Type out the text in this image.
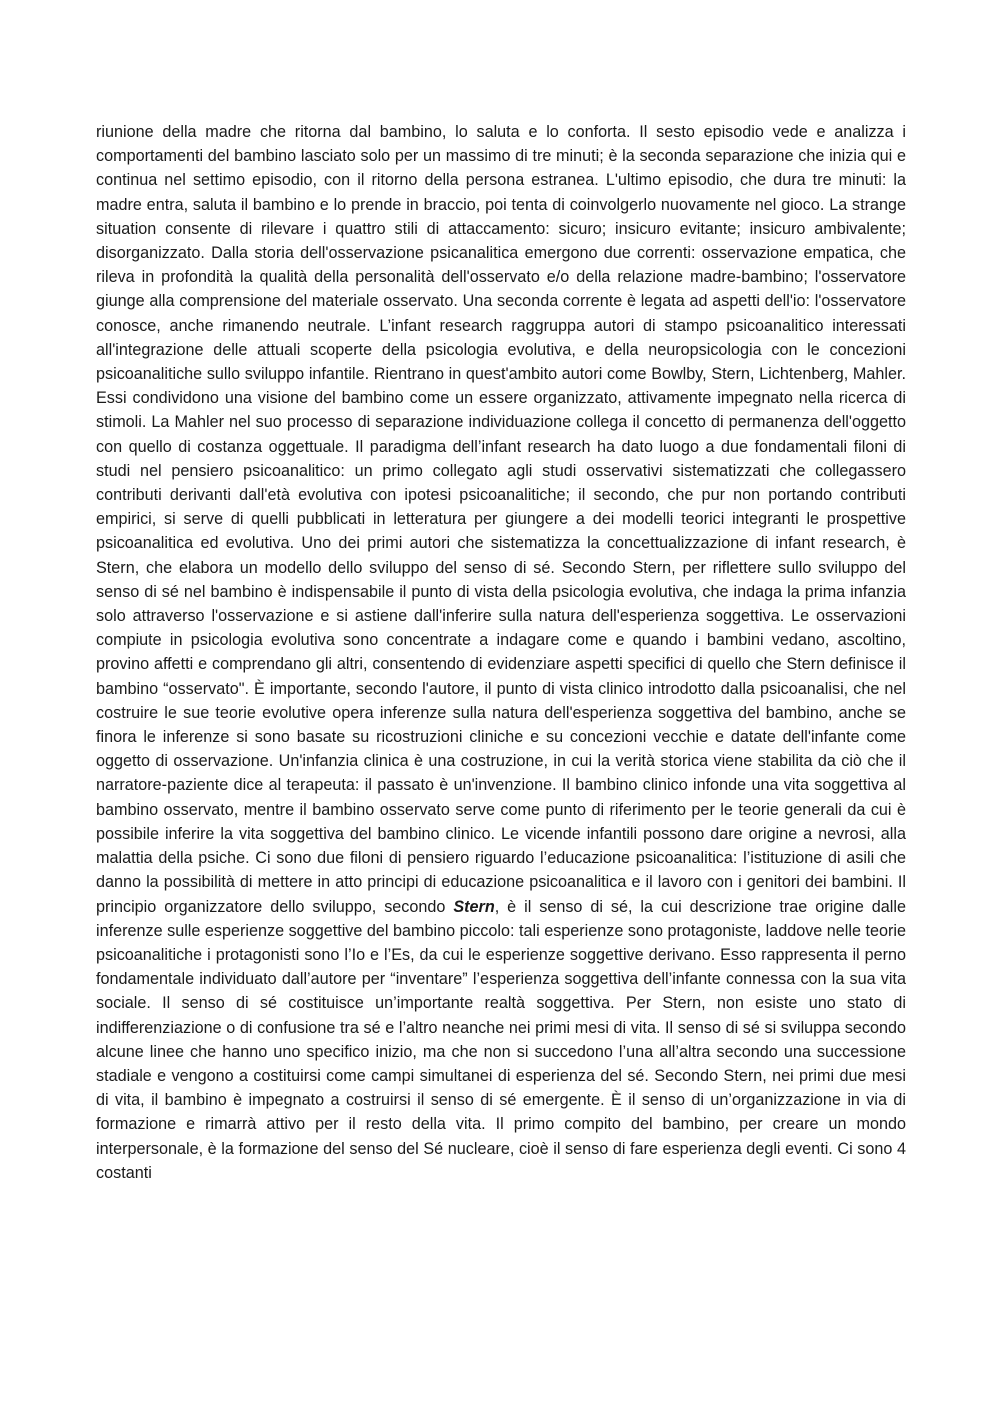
riunione della madre che ritorna dal bambino, lo saluta e lo conforta. Il sesto episodio vede e analizza i comportamenti del bambino lasciato solo per un massimo di tre minuti; è la seconda separazione che inizia qui e continua nel settimo episodio, con il ritorno della persona estranea. L'ultimo episodio, che dura tre minuti: la madre entra, saluta il bambino e lo prende in braccio, poi tenta di coinvolgerlo nuovamente nel gioco. La strange situation consente di rilevare i quattro stili di attaccamento: sicuro; insicuro evitante; insicuro ambivalente; disorganizzato. Dalla storia dell'osservazione psicanalitica emergono due correnti: osservazione empatica, che rileva in profondità la qualità della personalità dell'osservato e/o della relazione madre-bambino; l'osservatore giunge alla comprensione del materiale osservato. Una seconda corrente è legata ad aspetti dell'io: l'osservatore conosce, anche rimanendo neutrale. L’infant research raggruppa autori di stampo psicoanalitico interessati all'integrazione delle attuali scoperte della psicologia evolutiva, e della neuropsicologia con le concezioni psicoanalitiche sullo sviluppo infantile. Rientrano in quest'ambito autori come Bowlby, Stern, Lichtenberg, Mahler. Essi condividono una visione del bambino come un essere organizzato, attivamente impegnato nella ricerca di stimoli. La Mahler nel suo processo di separazione individuazione collega il concetto di permanenza dell'oggetto con quello di costanza oggettuale. Il paradigma dell’infant research ha dato luogo a due fondamentali filoni di studi nel pensiero psicoanalitico: un primo collegato agli studi osservativi sistematizzati che collegassero contributi derivanti dall'età evolutiva con ipotesi psicoanalitiche; il secondo, che pur non portando contributi empirici, si serve di quelli pubblicati in letteratura per giungere a dei modelli teorici integranti le prospettive psicoanalitica ed evolutiva. Uno dei primi autori che sistematizza la concettualizzazione di infant research, è Stern, che elabora un modello dello sviluppo del senso di sé. Secondo Stern, per riflettere sullo sviluppo del senso di sé nel bambino è indispensabile il punto di vista della psicologia evolutiva, che indaga la prima infanzia solo attraverso l'osservazione e si astiene dall'inferire sulla natura dell'esperienza soggettiva. Le osservazioni compiute in psicologia evolutiva sono concentrate a indagare come e quando i bambini vedano, ascoltino, provino affetti e comprendano gli altri, consentendo di evidenziare aspetti specifici di quello che Stern definisce il bambino “osservato". È importante, secondo l'autore, il punto di vista clinico introdotto dalla psicoanalisi, che nel costruire le sue teorie evolutive opera inferenze sulla natura dell'esperienza soggettiva del bambino, anche se finora le inferenze si sono basate su ricostruzioni cliniche e su concezioni vecchie e datate dell'infante come oggetto di osservazione. Un'infanzia clinica è una costruzione, in cui la verità storica viene stabilita da ciò che il narratore-paziente dice al terapeuta: il passato è un'invenzione. Il bambino clinico infonde una vita soggettiva al bambino osservato, mentre il bambino osservato serve come punto di riferimento per le teorie generali da cui è possibile inferire la vita soggettiva del bambino clinico. Le vicende infantili possono dare origine a nevrosi, alla malattia della psiche. Ci sono due filoni di pensiero riguardo l’educazione psicoanalitica: l’istituzione di asili che danno la possibilità di mettere in atto principi di educazione psicoanalitica e il lavoro con i genitori dei bambini. Il principio organizzatore dello sviluppo, secondo Stern, è il senso di sé, la cui descrizione trae origine dalle inferenze sulle esperienze soggettive del bambino piccolo: tali esperienze sono protagoniste, laddove nelle teorie psicoanalitiche i protagonisti sono l’Io e l’Es, da cui le esperienze soggettive derivano. Esso rappresenta il perno fondamentale individuato dall’autore per “inventare” l’esperienza soggettiva dell’infante connessa con la sua vita sociale. Il senso di sé costituisce un’importante realtà soggettiva. Per Stern, non esiste uno stato di indifferenziazione o di confusione tra sé e l’altro neanche nei primi mesi di vita. Il senso di sé si sviluppa secondo alcune linee che hanno uno specifico inizio, ma che non si succedono l’una all’altra secondo una successione stadiale e vengono a costituirsi come campi simultanei di esperienza del sé. Secondo Stern, nei primi due mesi di vita, il bambino è impegnato a costruirsi il senso di sé emergente. È il senso di un’organizzazione in via di formazione e rimarrà attivo per il resto della vita. Il primo compito del bambino, per creare un mondo interpersonale, è la formazione del senso del Sé nucleare, cioè il senso di fare esperienza degli eventi. Ci sono 4 costanti
